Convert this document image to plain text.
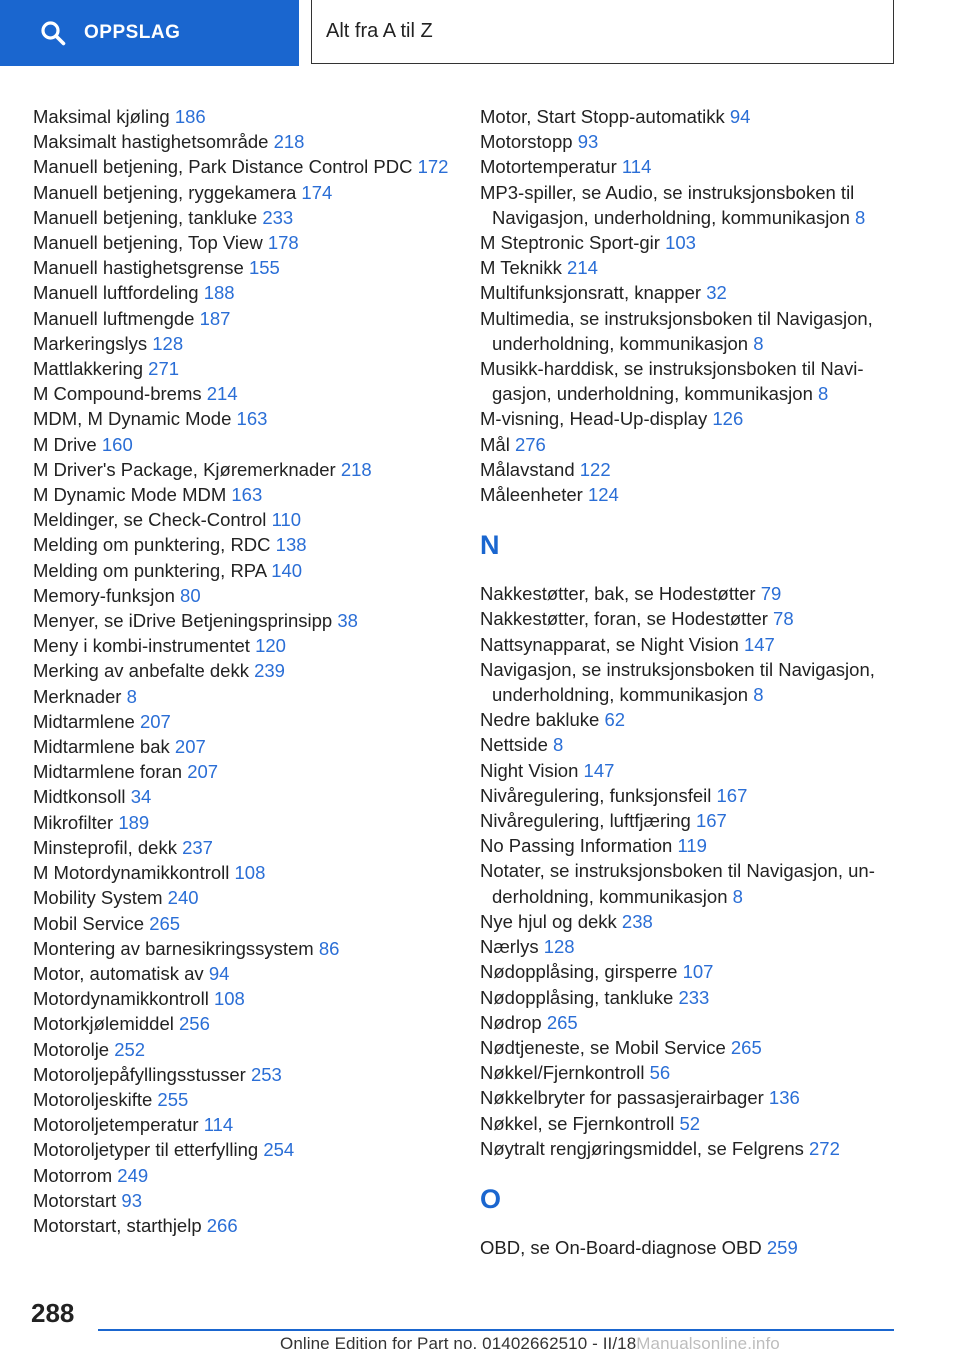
OPPSLAG	Alt fra A til Z
Maksimal kjøling 186
Maksimalt hastighetsområde 218
Manuell betjening, Park Distance Control PDC 172
Manuell betjening, ryggekamera 174
Manuell betjening, tankluke 233
Manuell betjening, Top View 178
Manuell hastighetsgrense 155
Manuell luftfordeling 188
Manuell luftmengde 187
Markeringslys 128
Mattlakkering 271
M Compound-brems 214
MDM, M Dynamic Mode 163
M Drive 160
M Driver's Package, Kjøremerknader 218
M Dynamic Mode MDM 163
Meldinger, se Check-Control 110
Melding om punktering, RDC 138
Melding om punktering, RPA 140
Memory-funksjon 80
Menyer, se iDrive Betjeningsprinsipp 38
Meny i kombi-instrumentet 120
Merking av anbefalte dekk 239
Merknader 8
Midtarmlene 207
Midtarmlene bak 207
Midtarmlene foran 207
Midtkonsoll 34
Mikrofilter 189
Minsteprofil, dekk 237
M Motordynamikkontroll 108
Mobility System 240
Mobil Service 265
Montering av barnesikringssystem 86
Motor, automatisk av 94
Motordynamikkontroll 108
Motorkjølemiddel 256
Motorolje 252
Motoroljepåfyllingsstusser 253
Motoroljeskifte 255
Motoroljetemperatur 114
Motoroljetyper til etterfylling 254
Motorrom 249
Motorstart 93
Motorstart, starthjelp 266
Motor, Start Stopp-automatikk 94
Motorstopp 93
Motortemperatur 114
MP3-spiller, se Audio, se instruksjonsboken til Navigasjon, underholdning, kommunikasjon 8
M Steptronic Sport-gir 103
M Teknikk 214
Multifunksjonsratt, knapper 32
Multimedia, se instruksjonsboken til Navigasjon, underholdning, kommunikasjon 8
Musikk-harddisk, se instruksjonsboken til Navi-gasjon, underholdning, kommunikasjon 8
M-visning, Head-Up-display 126
Mål 276
Målavstand 122
Måleenheter 124
N
Nakkestøtter, bak, se Hodestøtter 79
Nakkestøtter, foran, se Hodestøtter 78
Nattsynapparat, se Night Vision 147
Navigasjon, se instruksjonsboken til Navigasjon, underholdning, kommunikasjon 8
Nedre bakluke 62
Nettside 8
Night Vision 147
Nivåregulering, funksjonsfeil 167
Nivåregulering, luftfjæring 167
No Passing Information 119
Notater, se instruksjonsboken til Navigasjon, un-derholdning, kommunikasjon 8
Nye hjul og dekk 238
Nærlys 128
Nødopplåsing, girsperre 107
Nødopplåsing, tankluke 233
Nødrop 265
Nødtjeneste, se Mobil Service 265
Nøkkel/Fjernkontroll 56
Nøkkelbryter for passasjerairbager 136
Nøkkel, se Fjernkontroll 52
Nøytralt rengjøringsmiddel, se Felgrens 272
O
OBD, se On-Board-diagnose OBD 259
288
Online Edition for Part no. 01402662510 - II/18Manualsonline.info
